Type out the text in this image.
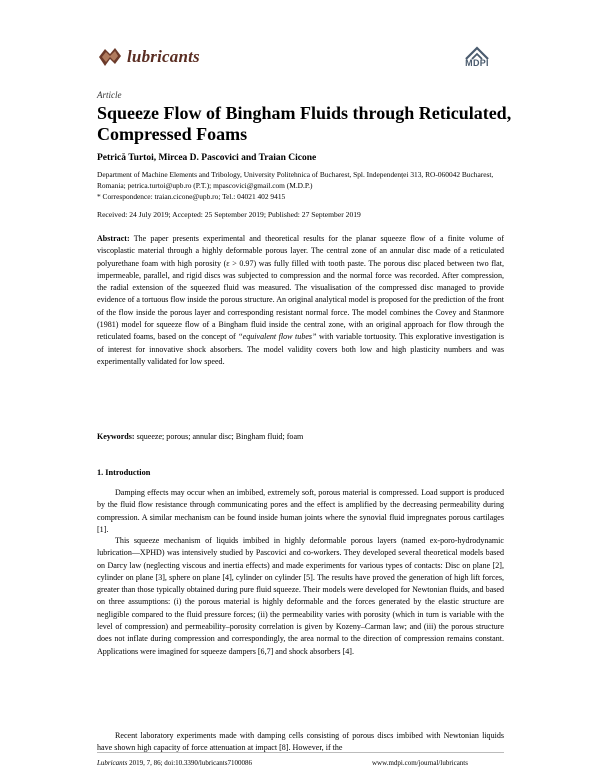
lubricants	MDPI
Article
Squeeze Flow of Bingham Fluids through Reticulated, Compressed Foams
Petrică Turtoi, Mircea D. Pascovici and Traian Cicone
Department of Machine Elements and Tribology, University Politehnica of Bucharest, Spl. Independenței 313, RO-060042 Bucharest, Romania; petrica.turtoi@upb.ro (P.T.); mpascovici@gmail.com (M.D.P.)
* Correspondence: traian.cicone@upb.ro; Tel.: 04021 402 9415
Received: 24 July 2019; Accepted: 25 September 2019; Published: 27 September 2019
Abstract: The paper presents experimental and theoretical results for the planar squeeze flow of a finite volume of viscoplastic material through a highly deformable porous layer. The central zone of an annular disc made of a reticulated polyurethane foam with high porosity (ε > 0.97) was fully filled with tooth paste. The porous disc placed between two flat, impermeable, parallel, and rigid discs was subjected to compression and the normal force was recorded. After compression, the radial extension of the squeezed fluid was measured. The visualisation of the compressed disc managed to provide evidence of a tortuous flow inside the porous structure. An original analytical model is proposed for the prediction of the front of the flow inside the porous layer and corresponding resistant normal force. The model combines the Covey and Stanmore (1981) model for squeeze flow of a Bingham fluid inside the central zone, with an original approach for flow through the reticulated foams, based on the concept of “equivalent flow tubes” with variable tortuosity. This explorative investigation is of interest for innovative shock absorbers. The model validity covers both low and high plasticity numbers and was experimentally validated for low speed.
Keywords: squeeze; porous; annular disc; Bingham fluid; foam
1. Introduction
Damping effects may occur when an imbibed, extremely soft, porous material is compressed. Load support is produced by the fluid flow resistance through communicating pores and the effect is amplified by the decreasing permeability during compression. A similar mechanism can be found inside human joints where the synovial fluid impregnates porous cartilages [1].
This squeeze mechanism of liquids imbibed in highly deformable porous layers (named ex-poro-hydrodynamic lubrication—XPHD) was intensively studied by Pascovici and co-workers. They developed several theoretical models based on Darcy law (neglecting viscous and inertia effects) and made experiments for various types of contacts: Disc on plane [2], cylinder on plane [3], sphere on plane [4], cylinder on cylinder [5]. The results have proved the generation of high lift forces, greater than those typically obtained during pure fluid squeeze. Their models were developed for Newtonian fluids, and based on three assumptions: (i) the porous material is highly deformable and the forces generated by the elastic structure are negligible compared to the fluid pressure forces; (ii) the permeability varies with porosity (which in turn is variable with the level of compression) and permeability–porosity correlation is given by Kozeny–Carman law; and (iii) the porous structure does not inflate during compression and correspondingly, the area normal to the direction of compression remains constant. Applications were imagined for squeeze dampers [6,7] and shock absorbers [4].
Recent laboratory experiments made with damping cells consisting of porous discs imbibed with Newtonian liquids have shown high capacity of force attenuation at impact [8]. However, if the
Lubricants 2019, 7, 86; doi:10.3390/lubricants7100086	www.mdpi.com/journal/lubricants
